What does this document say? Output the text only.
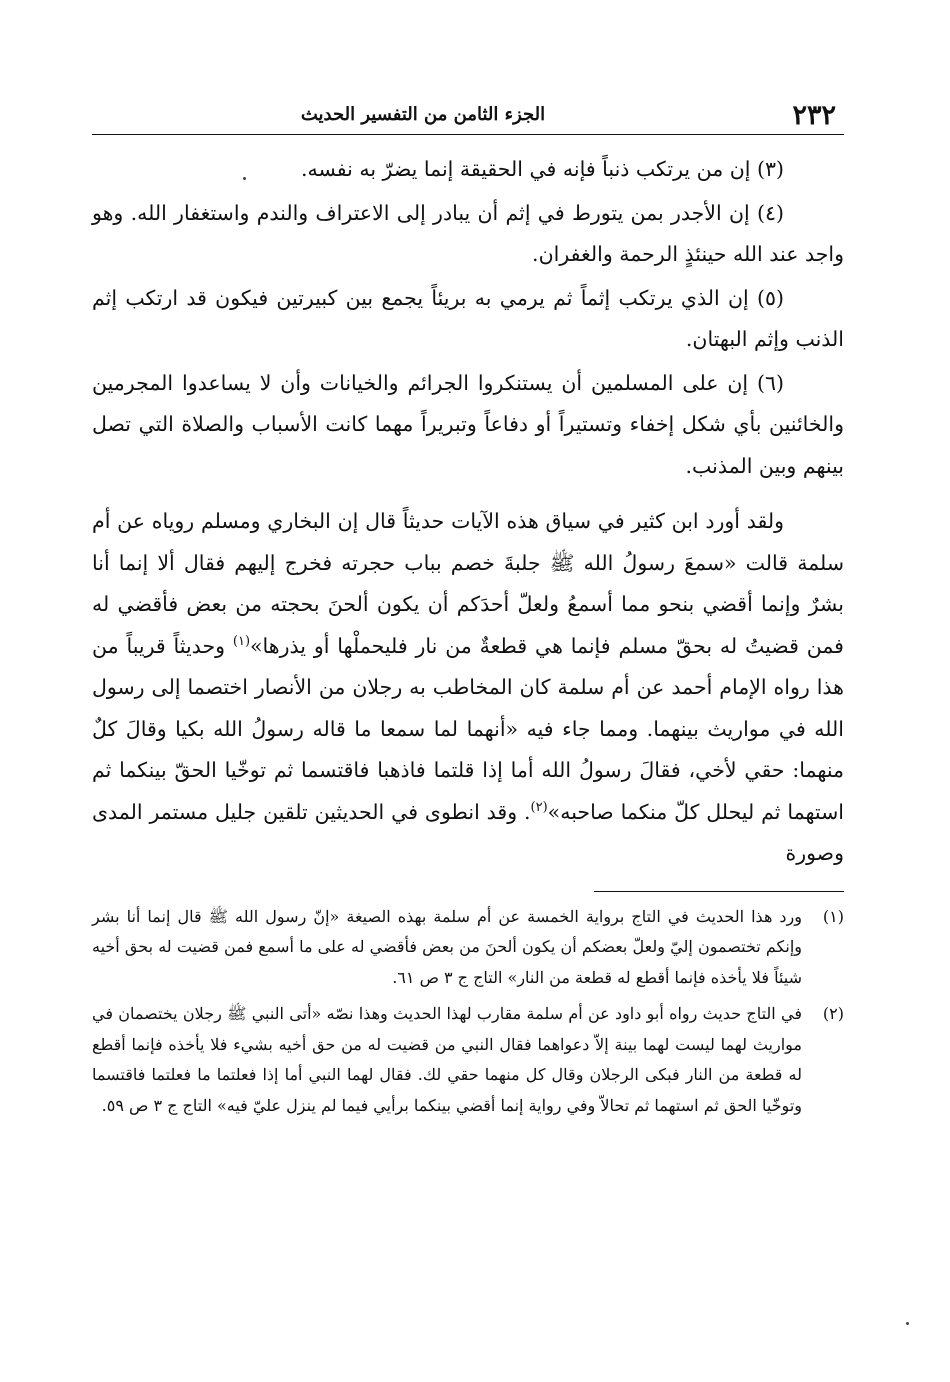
٢٣٢
الجزء الثامن من التفسير الحديث

(٣) إن من يرتكب ذنباً فإنه في الحقيقة إنما يضرّ به نفسه.

(٤) إن الأجدر بمن يتورط في إثم أن يبادر إلى الاعتراف والندم واستغفار الله. وهو واجد عند الله حينئذٍ الرحمة والغفران.

(٥) إن الذي يرتكب إثماً ثم يرمي به بريئاً يجمع بين كبيرتين فيكون قد ارتكب إثم الذنب وإثم البهتان.

(٦) إن على المسلمين أن يستنكروا الجرائم والخيانات وأن لا يساعدوا المجرمين والخائنين بأي شكل إخفاء وتستيراً أو دفاعاً وتبريراً مهما كانت الأسباب والصلاة التي تصل بينهم وبين المذنب.

ولقد أورد ابن كثير في سياق هذه الآيات حديثاً قال إن البخاري ومسلم روياه عن أم سلمة قالت «سمعَ رسولُ الله ﷺ جلبةَ خصم بباب حجرته فخرج إليهم فقال ألا إنما أنا بشرٌ وإنما أقضي بنحو مما أسمعُ ولعلّ أحدَكم أن يكون ألحنَ بحجته من بعض فأقضي له فمن قضيتُ له بحقّ مسلم فإنما هي قطعةٌ من نار فليحملْها أو يذرها»$^{(١)}$ وحديثاً قريباً من هذا رواه الإمام أحمد عن أم سلمة كان المخاطب به رجلان من الأنصار اختصما إلى رسول الله في مواريث بينهما. ومما جاء فيه «أنهما لما سمعا ما قاله رسولُ الله بكيا وقالَ كلٌ منهما: حقي لأخي، فقالَ رسولُ الله أما إذا قلتما فاذهبا فاقتسما ثم توخّيا الحقّ بينكما ثم استهما ثم ليحلل كلّ منكما صاحبه»$^{(٢)}$. وقد انطوى في الحديثين تلقين جليل مستمر المدى وصورة

(١)
ورد هذا الحديث في التاج برواية الخمسة عن أم سلمة بهذه الصيغة «إنّ رسول الله ﷺ قال إنما أنا بشر وإنكم تختصمون إليّ ولعلّ بعضكم أن يكون ألحنَ من بعض فأقضي له على ما أسمع فمن قضيت له بحق أخيه شيئاً فلا يأخذه فإنما أقطع له قطعة من النار» التاج ج ٣ ص ٦١.
(٢)
في التاج حديث رواه أبو داود عن أم سلمة مقارب لهذا الحديث وهذا نصّه «أتى النبي ﷺ رجلان يختصمان في مواريث لهما ليست لهما بينة إلاّ دعواهما فقال النبي من قضيت له من حق أخيه بشيء فلا يأخذه فإنما أقطع له قطعة من النار فبكى الرجلان وقال كل منهما حقي لك. فقال لهما النبي أما إذا فعلتما ما فعلتما فاقتسما وتوخّيا الحق ثم استهما ثم تحالاّ وفي رواية إنما أقضي بينكما برأيي فيما لم ينزل عليّ فيه» التاج ج ٣ ص ٥٩.
